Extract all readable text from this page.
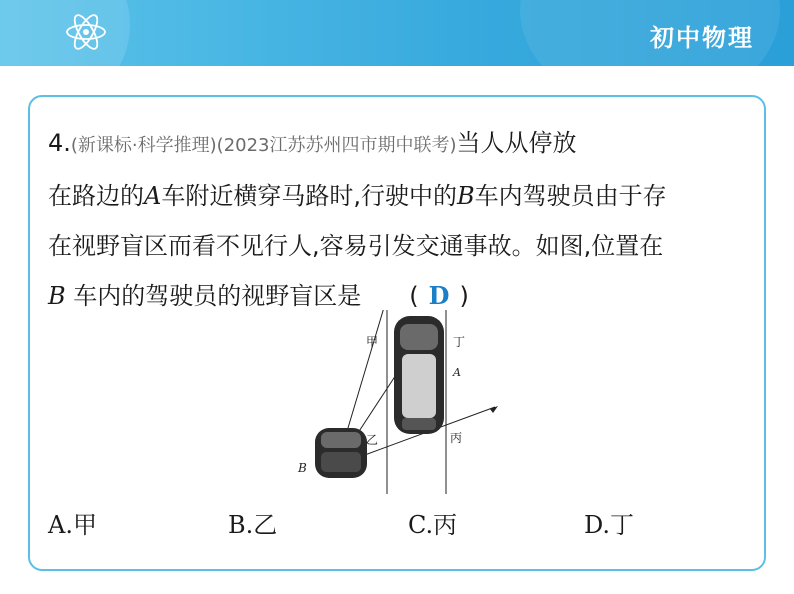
初中物理
4.(新课标·科学推理)(2023江苏苏州四市期中联考)当人从停放
在路边的A车附近横穿马路时,行驶中的B车内驾驶员由于存
在视野盲区而看不见行人,容易引发交通事故。如图,位置在
B 车内的驾驶员的视野盲区是 ( D )
甲	丁
A
乙	丙
B
A.甲	B.乙	C.丙	D.丁
